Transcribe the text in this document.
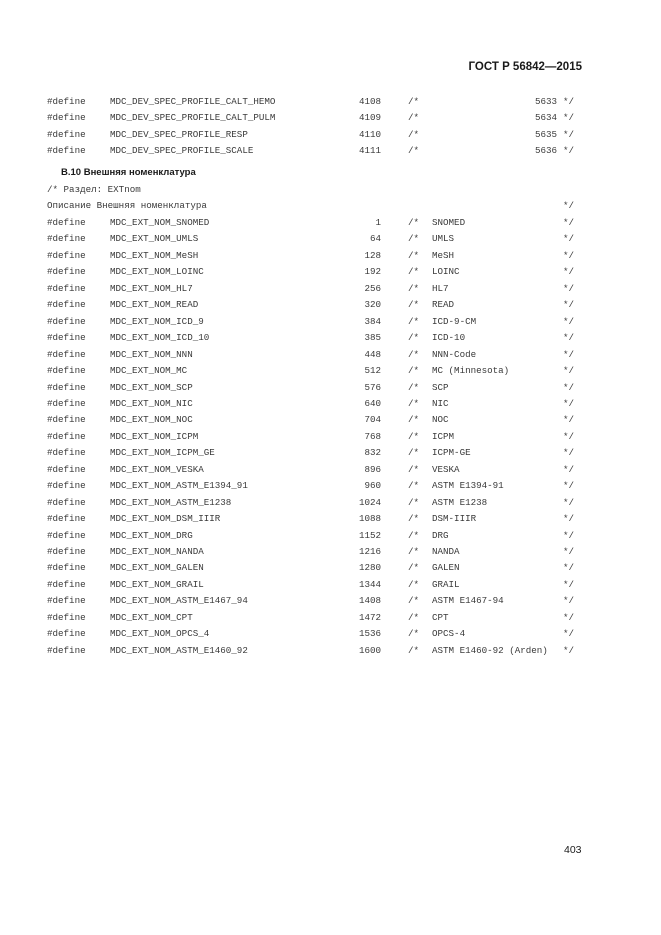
ГОСТ Р 56842—2015
#define	MDC_DEV_SPEC_PROFILE_CALT_HEMO	4108	/*	5633 */
#define	MDC_DEV_SPEC_PROFILE_CALT_PULM	4109	/*	5634 */
#define	MDC_DEV_SPEC_PROFILE_RESP	4110	/*	5635 */
#define	MDC_DEV_SPEC_PROFILE_SCALE	4111	/*	5636 */
B.10 Внешняя номенклатура
/* Раздел: EXTnom
Описание Внешняя номенклатура	*/
#define	MDC_EXT_NOM_SNOMED	1	/* SNOMED	*/
#define	MDC_EXT_NOM_UMLS	64	/* UMLS	*/
#define	MDC_EXT_NOM_MeSH	128	/* MeSH	*/
#define	MDC_EXT_NOM_LOINC	192	/* LOINC	*/
#define	MDC_EXT_NOM_HL7	256	/* HL7	*/
#define	MDC_EXT_NOM_READ	320	/* READ	*/
#define	MDC_EXT_NOM_ICD_9	384	/* ICD-9-CM	*/
#define	MDC_EXT_NOM_ICD_10	385	/* ICD-10	*/
#define	MDC_EXT_NOM_NNN	448	/* NNN-Code	*/
#define	MDC_EXT_NOM_MC	512	/* MC (Minnesota)	*/
#define	MDC_EXT_NOM_SCP	576	/* SCP	*/
#define	MDC_EXT_NOM_NIC	640	/* NIC	*/
#define	MDC_EXT_NOM_NOC	704	/* NOC	*/
#define	MDC_EXT_NOM_ICPM	768	/* ICPM	*/
#define	MDC_EXT_NOM_ICPM_GE	832	/* ICPM-GE	*/
#define	MDC_EXT_NOM_VESKA	896	/* VESKA	*/
#define	MDC_EXT_NOM_ASTM_E1394_91	960	/* ASTM E1394-91	*/
#define	MDC_EXT_NOM_ASTM_E1238	1024	/* ASTM E1238	*/
#define	MDC_EXT_NOM_DSM_IIIR	1088	/* DSM-IIIR	*/
#define	MDC_EXT_NOM_DRG	1152	/* DRG	*/
#define	MDC_EXT_NOM_NANDA	1216	/* NANDA	*/
#define	MDC_EXT_NOM_GALEN	1280	/* GALEN	*/
#define	MDC_EXT_NOM_GRAIL	1344	/* GRAIL	*/
#define	MDC_EXT_NOM_ASTM_E1467_94	1408	/* ASTM E1467-94	*/
#define	MDC_EXT_NOM_CPT	1472	/* CPT	*/
#define	MDC_EXT_NOM_OPCS_4	1536	/* OPCS-4	*/
#define	MDC_EXT_NOM_ASTM_E1460_92	1600	/* ASTM E1460-92 (Arden) */
403
